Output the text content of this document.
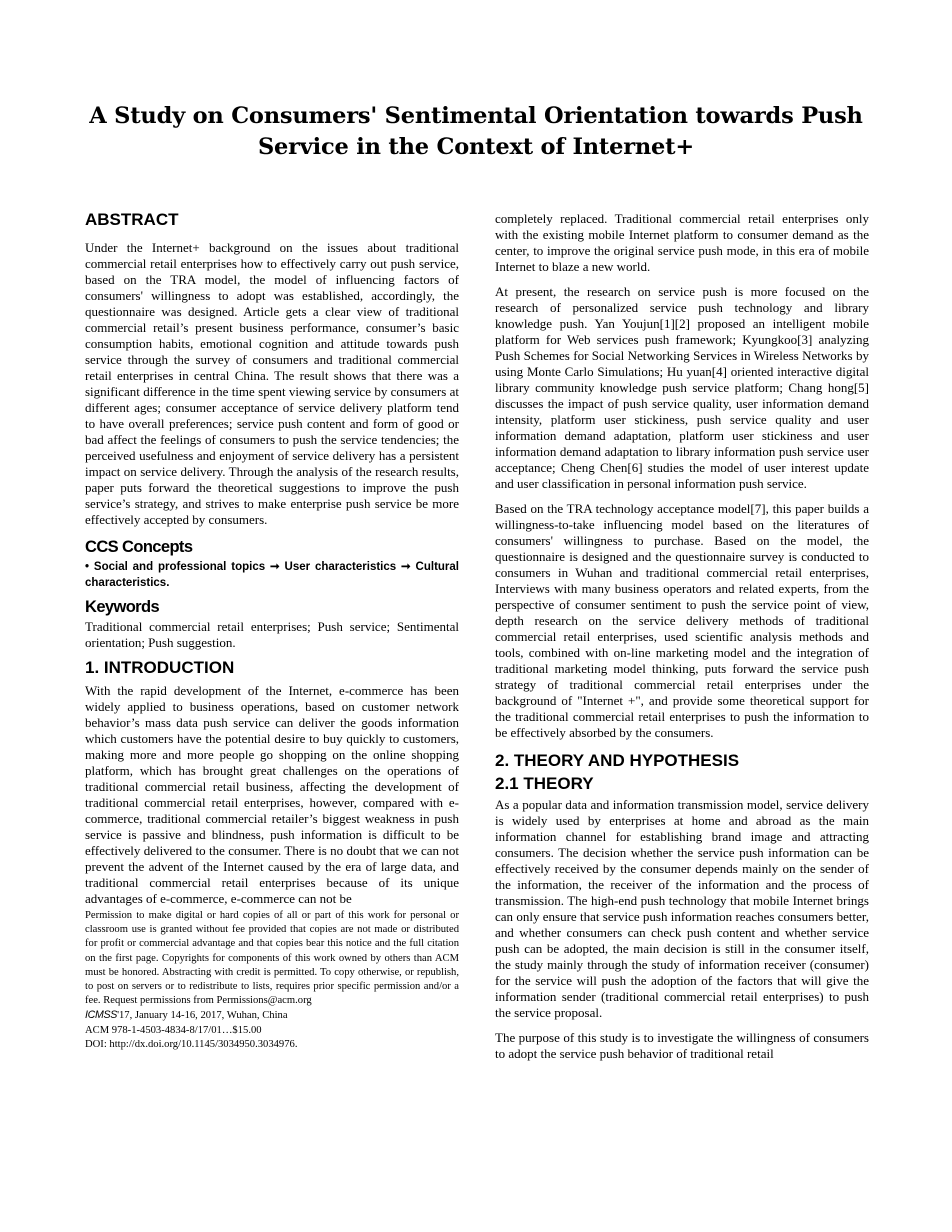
A Study on Consumers' Sentimental Orientation towards Push Service in the Context of Internet+
ABSTRACT

Under the Internet+ background on the issues about traditional commercial retail enterprises how to effectively carry out push service, based on the TRA model, the model of influencing factors of consumers' willingness to adopt was established, accordingly, the questionnaire was designed. Article gets a clear view of traditional commercial retail’s present business performance, consumer’s basic consumption habits, emotional cognition and attitude towards push service through the survey of consumers and traditional commercial retail enterprises in central China. The result shows that there was a significant difference in the time spent viewing service by consumers at different ages; consumer acceptance of service delivery platform tend to have overall preferences; service push content and form of good or bad affect the feelings of consumers to push the service tendencies; the perceived usefulness and enjoyment of service delivery has a persistent impact on service delivery. Through the analysis of the research results, paper puts forward the theoretical suggestions to improve the push service’s strategy, and strives to make enterprise push service be more effectively accepted by consumers.

CCS Concepts

• Social and professional topics ➞ User characteristics ➞ Cultural characteristics.

Keywords

Traditional commercial retail enterprises; Push service; Sentimental orientation; Push suggestion.

1. INTRODUCTION

With the rapid development of the Internet, e-commerce has been widely applied to business operations, based on customer network behavior’s mass data push service can deliver the goods information which customers have the potential desire to buy quickly to customers, making more and more people go shopping on the online shopping platform, which has brought great challenges on the operations of traditional commercial retail business, affecting the development of traditional commercial retail enterprises, however, compared with e-commerce, traditional commercial retailer’s biggest weakness in push service is passive and blindness, push information is difficult to be effectively delivered to the consumer. There is no doubt that we can not prevent the advent of the Internet caused by the era of large data, and traditional commercial retail enterprises because of its unique advantages of e-commerce, e-commerce can not be

Permission to make digital or hard copies of all or part of this work for personal or classroom use is granted without fee provided that copies are not made or distributed for profit or commercial advantage and that copies bear this notice and the full citation on the first page. Copyrights for components of this work owned by others than ACM must be honored. Abstracting with credit is permitted. To copy otherwise, or republish, to post on servers or to redistribute to lists, requires prior specific permission and/or a fee. Request permissions from Permissions@acm.org

ICMSS'17, January 14-16, 2017, Wuhan, China

ACM 978-1-4503-4834-8/17/01…$15.00

DOI: http://dx.doi.org/10.1145/3034950.3034976.

completely replaced. Traditional commercial retail enterprises only with the existing mobile Internet platform to consumer demand as the center, to improve the original service push mode, in this era of mobile Internet to blaze a new world.

At present, the research on service push is more focused on the research of personalized service push technology and library knowledge push. Yan Youjun[1][2] proposed an intelligent mobile platform for Web services push framework; Kyungkoo[3] analyzing Push Schemes for Social Networking Services in Wireless Networks by using Monte Carlo Simulations; Hu yuan[4] oriented interactive digital library community knowledge push service platform; Chang hong[5] discusses the impact of push service quality, user information demand intensity, platform user stickiness, push service quality and user information demand adaptation, platform user stickiness and user information demand adaptation to library information push service user acceptance; Cheng Chen[6] studies the model of user interest update and user classification in personal information push service.

Based on the TRA technology acceptance model[7], this paper builds a willingness-to-take influencing model based on the literatures of consumers' willingness to purchase. Based on the model, the questionnaire is designed and the questionnaire survey is conducted to consumers in Wuhan and traditional commercial retail enterprises, Interviews with many business operators and related experts, from the perspective of consumer sentiment to push the service point of view, depth research on the service delivery methods of traditional commercial retail enterprises, used scientific analysis methods and tools, combined with on-line marketing model and the integration of traditional marketing model thinking, puts forward the service push strategy of traditional commercial retail enterprises under the background of "Internet +", and provide some theoretical support for the traditional commercial retail enterprises to push the information to be effectively absorbed by the consumers.

2. THEORY AND HYPOTHESIS
2.1 THEORY

As a popular data and information transmission model, service delivery is widely used by enterprises at home and abroad as the main information channel for establishing brand image and attracting consumers. The decision whether the service push information can be effectively received by the consumer depends mainly on the sender of the information, the receiver of the information and the process of transmission. The high-end push technology that mobile Internet brings can only ensure that service push information reaches consumers better, and whether consumers can check push content and whether service push can be adopted, the main decision is still in the consumer itself, the study mainly through the study of information receiver (consumer) for the service will push the adoption of the factors that will give the information sender (traditional commercial retail enterprises) to push the service proposal.

The purpose of this study is to investigate the willingness of consumers to adopt the service push behavior of traditional retail
